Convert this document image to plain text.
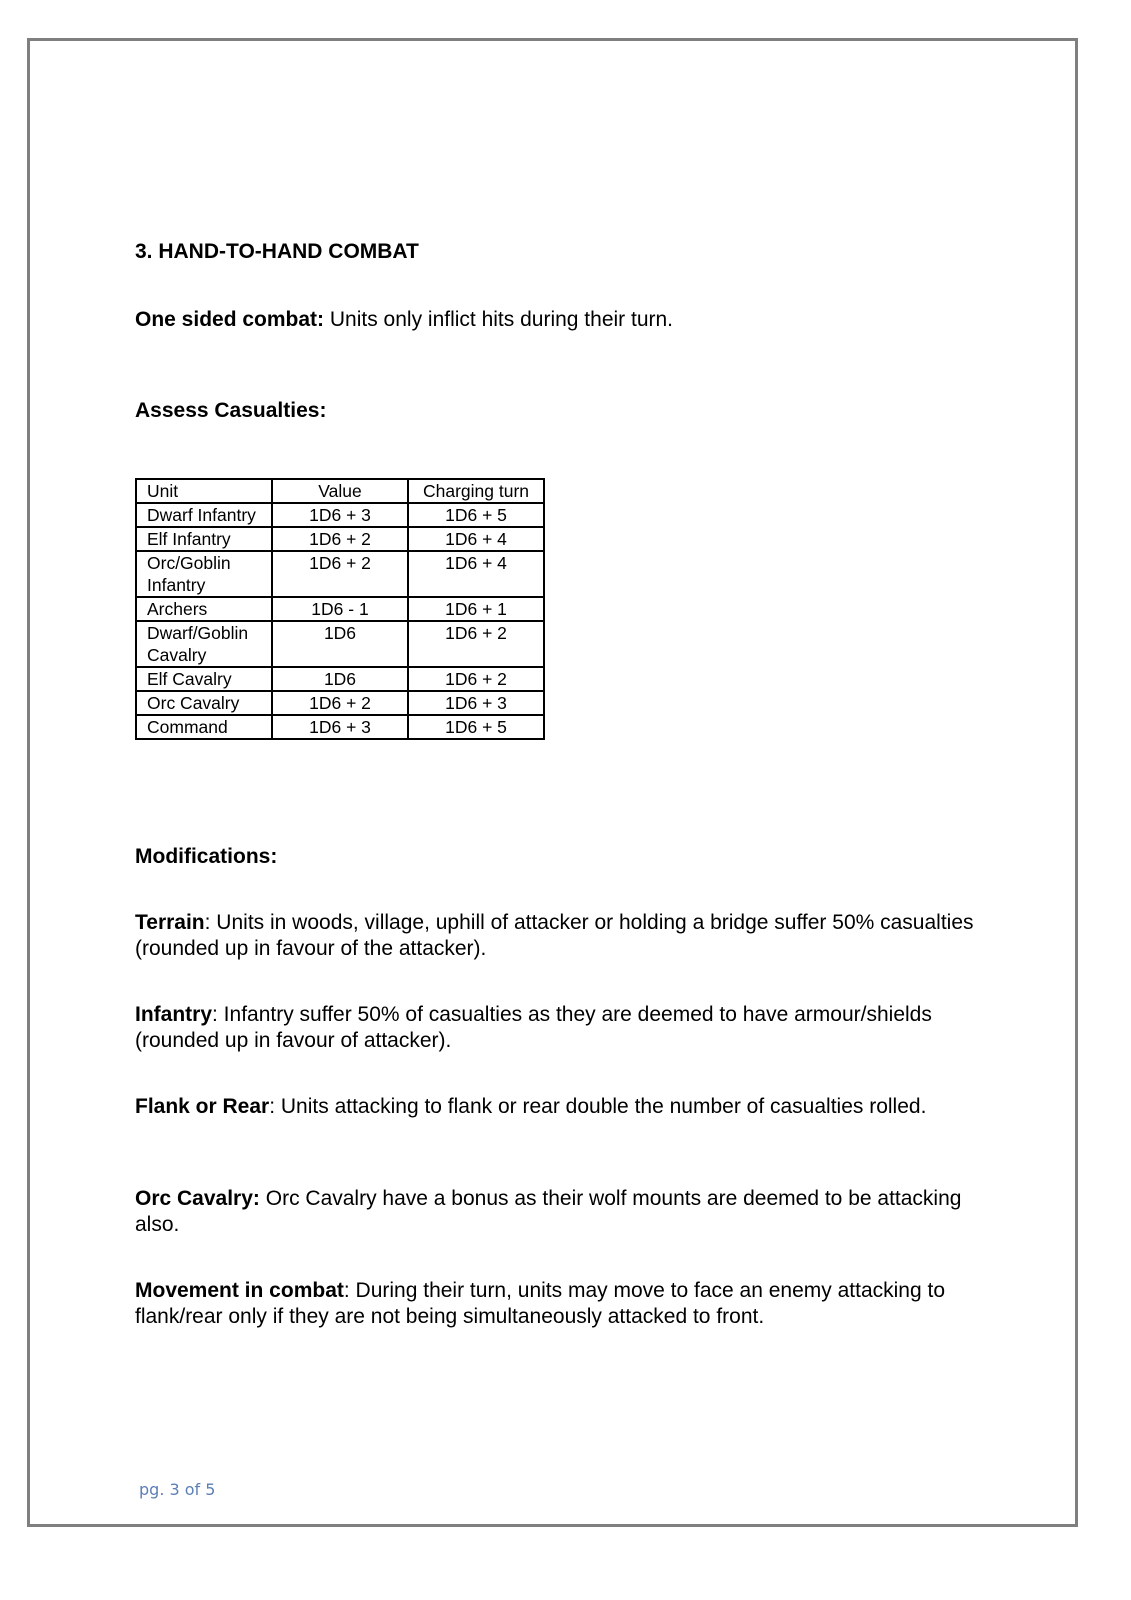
3. HAND-TO-HAND COMBAT

One sided combat: Units only inflict hits during their turn.

Assess Casualties:
Unit	Value	Charging turn

Dwarf Infantry	1D6 + 3	1D6 + 5

Elf Infantry	1D6 + 2	1D6 + 4

Orc/Goblin Infantry	1D6 + 2	1D6 + 4

Archers	1D6 - 1	1D6 + 1

Dwarf/Goblin Cavalry	1D6	1D6 + 2

Elf Cavalry	1D6	1D6 + 2

Orc Cavalry	1D6 + 2	1D6 + 3

Command	1D6 + 3	1D6 + 5
Modifications:

Terrain: Units in woods, village, uphill of attacker or holding a bridge suffer 50% casualties (rounded up in favour of the attacker).

Infantry: Infantry suffer 50% of casualties as they are deemed to have armour/shields (rounded up in favour of attacker).

Flank or Rear: Units attacking to flank or rear double the number of casualties rolled.

Orc Cavalry: Orc Cavalry have a bonus as their wolf mounts are deemed to be attacking also.

Movement in combat: During their turn, units may move to face an enemy attacking to flank/rear only if they are not being simultaneously attacked to front.

pg. 3 of 5
